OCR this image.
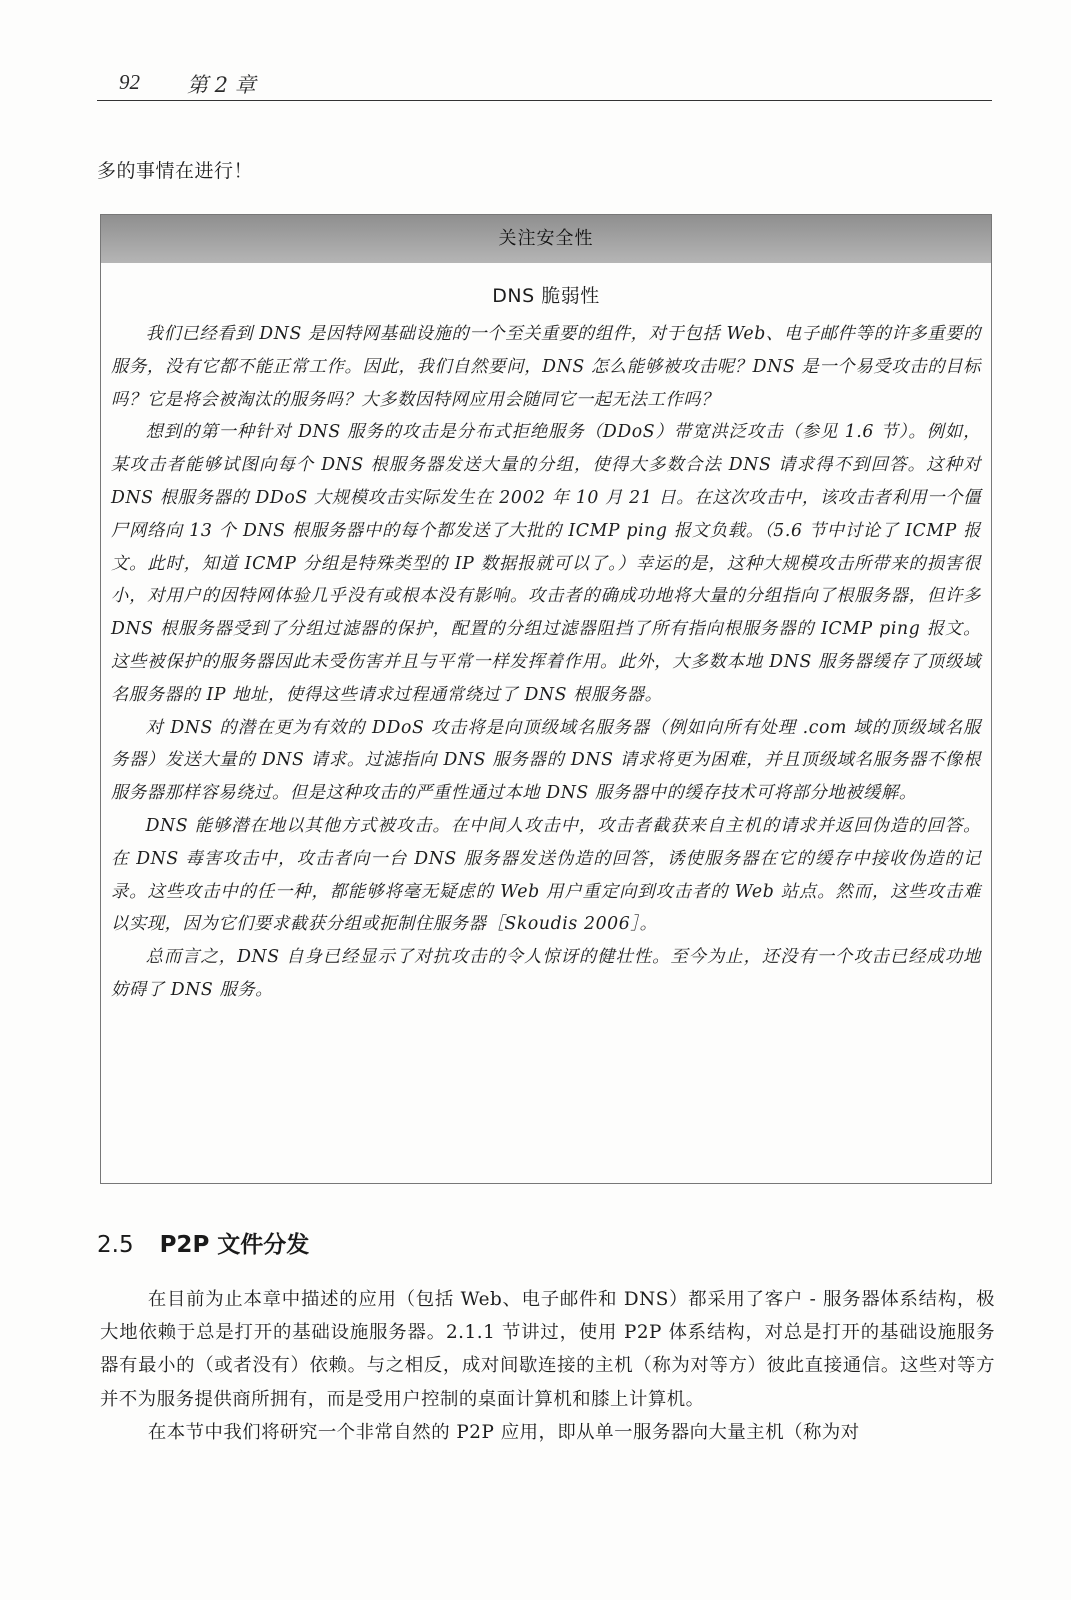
92 第 2 章
多的事情在进行！
关注安全性
DNS 脆弱性

我们已经看到 DNS 是因特网基础设施的一个至关重要的组件，对于包括 Web、电子邮件等的许多重要的服务，没有它都不能正常工作。因此，我们自然要问，DNS 怎么能够被攻击呢？DNS 是一个易受攻击的目标吗？它是将会被淘汰的服务吗？大多数因特网应用会随同它一起无法工作吗？

想到的第一种针对 DNS 服务的攻击是分布式拒绝服务（DDoS）带宽洪泛攻击（参见 1.6 节）。例如，某攻击者能够试图向每个 DNS 根服务器发送大量的分组，使得大多数合法 DNS 请求得不到回答。这种对 DNS 根服务器的 DDoS 大规模攻击实际发生在 2002 年 10 月 21 日。在这次攻击中，该攻击者利用一个僵尸网络向 13 个 DNS 根服务器中的每个都发送了大批的 ICMP ping 报文负载。（5.6 节中讨论了 ICMP 报文。此时，知道 ICMP 分组是特殊类型的 IP 数据报就可以了。）幸运的是，这种大规模攻击所带来的损害很小，对用户的因特网体验几乎没有或根本没有影响。攻击者的确成功地将大量的分组指向了根服务器，但许多 DNS 根服务器受到了分组过滤器的保护，配置的分组过滤器阻挡了所有指向根服务器的 ICMP ping 报文。这些被保护的服务器因此未受伤害并且与平常一样发挥着作用。此外，大多数本地 DNS 服务器缓存了顶级域名服务器的 IP 地址，使得这些请求过程通常绕过了 DNS 根服务器。

对 DNS 的潜在更为有效的 DDoS 攻击将是向顶级域名服务器（例如向所有处理 .com 域的顶级域名服务器）发送大量的 DNS 请求。过滤指向 DNS 服务器的 DNS 请求将更为困难，并且顶级域名服务器不像根服务器那样容易绕过。但是这种攻击的严重性通过本地 DNS 服务器中的缓存技术可将部分地被缓解。

DNS 能够潜在地以其他方式被攻击。在中间人攻击中，攻击者截获来自主机的请求并返回伪造的回答。在 DNS 毒害攻击中，攻击者向一台 DNS 服务器发送伪造的回答，诱使服务器在它的缓存中接收伪造的记录。这些攻击中的任一种，都能够将毫无疑虑的 Web 用户重定向到攻击者的 Web 站点。然而，这些攻击难以实现，因为它们要求截获分组或扼制住服务器［Skoudis 2006］。

总而言之，DNS 自身已经显示了对抗攻击的令人惊讶的健壮性。至今为止，还没有一个攻击已经成功地妨碍了 DNS 服务。

2.5 P2P 文件分发

在目前为止本章中描述的应用（包括 Web、电子邮件和 DNS）都采用了客户 - 服务器体系结构，极大地依赖于总是打开的基础设施服务器。2.1.1 节讲过，使用 P2P 体系结构，对总是打开的基础设施服务器有最小的（或者没有）依赖。与之相反，成对间歇连接的主机（称为对等方）彼此直接通信。这些对等方并不为服务提供商所拥有，而是受用户控制的桌面计算机和膝上计算机。

在本节中我们将研究一个非常自然的 P2P 应用，即从单一服务器向大量主机（称为对
